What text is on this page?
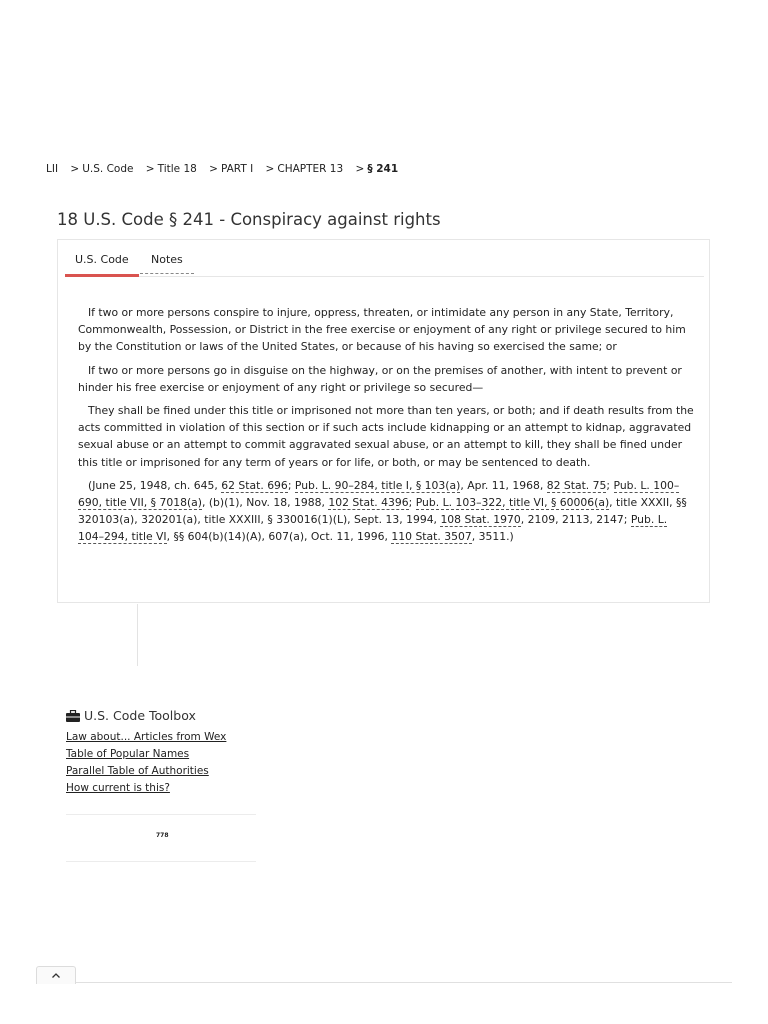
LII > U.S. Code > Title 18 > PART I > CHAPTER 13 > § 241
18 U.S. Code § 241 - Conspiracy against rights
U.S. Code Notes

If two or more persons conspire to injure, oppress, threaten, or intimidate any person in any State, Territory, Commonwealth, Possession, or District in the free exercise or enjoyment of any right or privilege secured to him by the Constitution or laws of the United States, or because of his having so exercised the same; or

If two or more persons go in disguise on the highway, or on the premises of another, with intent to prevent or hinder his free exercise or enjoyment of any right or privilege so secured—

They shall be fined under this title or imprisoned not more than ten years, or both; and if death results from the acts committed in violation of this section or if such acts include kidnapping or an attempt to kidnap, aggravated sexual abuse or an attempt to commit aggravated sexual abuse, or an attempt to kill, they shall be fined under this title or imprisoned for any term of years or for life, or both, or may be sentenced to death.

(June 25, 1948, ch. 645, 62 Stat. 696; Pub. L. 90–284, title I, § 103(a), Apr. 11, 1968, 82 Stat. 75; Pub. L. 100–690, title VII, § 7018(a), (b)(1), Nov. 18, 1988, 102 Stat. 4396; Pub. L. 103–322, title VI, § 60006(a), title XXXII, §§ 320103(a), 320201(a), title XXXIII, § 330016(1)(L), Sept. 13, 1994, 108 Stat. 1970, 2109, 2113, 2147; Pub. L. 104–294, title VI, §§ 604(b)(14)(A), 607(a), Oct. 11, 1996, 110 Stat. 3507, 3511.)

U.S. Code Toolbox
Law about... Articles from Wex
Table of Popular Names
Parallel Table of Authorities
How current is this?
778
